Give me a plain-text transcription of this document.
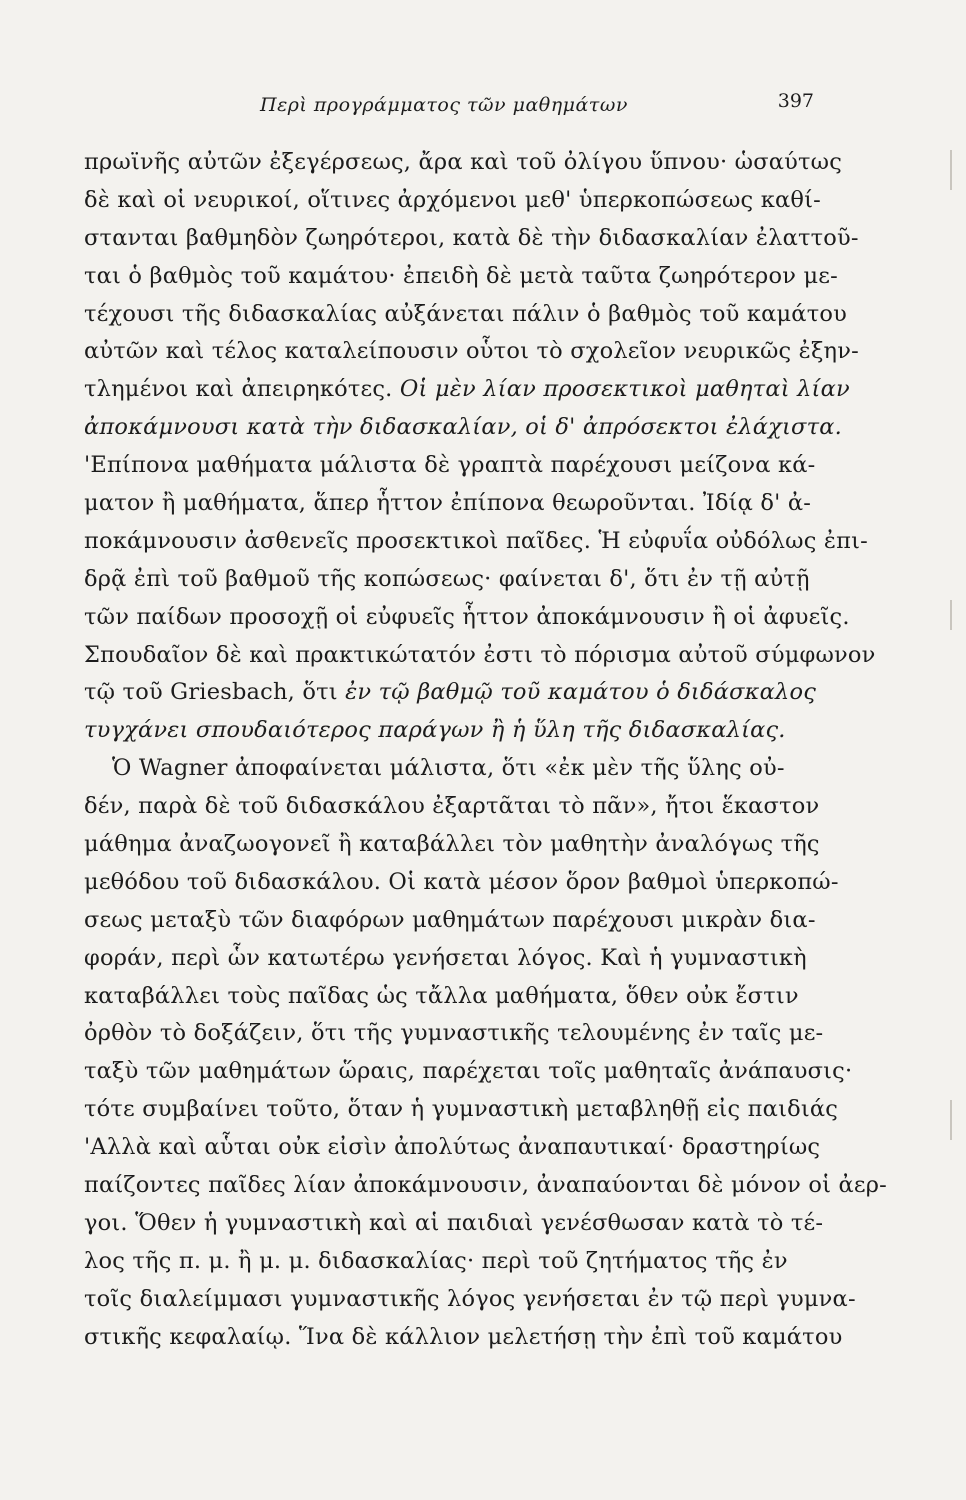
Περὶ προγράμματος τῶν μαθημάτων	397
πρωϊνῆς αὐτῶν ἐξεγέρσεως, ἄρα καὶ τοῦ ὀλίγου ὕπνου· ὡσαύτως
δὲ καὶ οἱ νευρικοί, οἵτινες ἀρχόμενοι μεθ' ὑπερκοπώσεως καθί-
στανται βαθμηδὸν ζωηρότεροι, κατὰ δὲ τὴν διδασκαλίαν ἐλαττοῦ-
ται ὁ βαθμὸς τοῦ καμάτου· ἐπειδὴ δὲ μετὰ ταῦτα ζωηρότερον με-
τέχουσι τῆς διδασκαλίας αὐξάνεται πάλιν ὁ βαθμὸς τοῦ καμάτου
αὐτῶν καὶ τέλος καταλείπουσιν οὗτοι τὸ σχολεῖον νευρικῶς ἐξην-
τλημένοι καὶ ἀπειρηκότες. Οἱ μὲν λίαν προσεκτικοὶ μαθηταὶ λίαν
ἀποκάμνουσι κατὰ τὴν διδασκαλίαν, οἱ δ' ἀπρόσεκτοι ἐλάχιστα.
'Επίπονα μαθήματα μάλιστα δὲ γραπτὰ παρέχουσι μείζονα κά-
ματον ἢ μαθήματα, ἅπερ ἧττον ἐπίπονα θεωροῦνται. Ἰδίᾳ δ' ἀ-
ποκάμνουσιν ἀσθενεῖς προσεκτικοὶ παῖδες. Ἡ εὐφυΐα οὐδόλως ἐπι-
δρᾷ ἐπὶ τοῦ βαθμοῦ τῆς κοπώσεως· φαίνεται δ', ὅτι ἐν τῇ αὐτῇ
τῶν παίδων προσοχῇ οἱ εὐφυεῖς ἧττον ἀποκάμνουσιν ἢ οἱ ἀφυεῖς.
Σπουδαῖον δὲ καὶ πρακτικώτατόν ἐστι τὸ πόρισμα αὐτοῦ σύμφωνον
τῷ τοῦ Griesbach, ὅτι ἐν τῷ βαθμῷ τοῦ καμάτου ὁ διδάσκαλος
τυγχάνει σπουδαιότερος παράγων ἢ ἡ ὕλη τῆς διδασκαλίας.
Ὁ Wagner ἀποφαίνεται μάλιστα, ὅτι «ἐκ μὲν τῆς ὕλης οὐ-
δέν, παρὰ δὲ τοῦ διδασκάλου ἐξαρτᾶται τὸ πᾶν», ἤτοι ἕκαστον
μάθημα ἀναζωογονεῖ ἢ καταβάλλει τὸν μαθητὴν ἀναλόγως τῆς
μεθόδου τοῦ διδασκάλου. Οἱ κατὰ μέσον ὅρον βαθμοὶ ὑπερκοπώ-
σεως μεταξὺ τῶν διαφόρων μαθημάτων παρέχουσι μικρὰν δια-
φοράν, περὶ ὧν κατωτέρω γενήσεται λόγος. Καὶ ἡ γυμναστικὴ
καταβάλλει τοὺς παῖδας ὡς τἄλλα μαθήματα, ὅθεν οὐκ ἔστιν
ὀρθὸν τὸ δοξάζειν, ὅτι τῆς γυμναστικῆς τελουμένης ἐν ταῖς με-
ταξὺ τῶν μαθημάτων ὥραις, παρέχεται τοῖς μαθηταῖς ἀνάπαυσις·
τότε συμβαίνει τοῦτο, ὅταν ἡ γυμναστικὴ μεταβληθῇ εἰς παιδιάς
'Αλλὰ καὶ αὗται οὐκ εἰσὶν ἀπολύτως ἀναπαυτικαί· δραστηρίως
παίζοντες παῖδες λίαν ἀποκάμνουσιν, ἀναπαύονται δὲ μόνον οἱ ἀερ-
γοι. Ὅθεν ἡ γυμναστικὴ καὶ αἱ παιδιαὶ γενέσθωσαν κατὰ τὸ τέ-
λος τῆς π. μ. ἢ μ. μ. διδασκαλίας· περὶ τοῦ ζητήματος τῆς ἐν
τοῖς διαλείμμασι γυμναστικῆς λόγος γενήσεται ἐν τῷ περὶ γυμνα-
στικῆς κεφαλαίῳ. Ἵνα δὲ κάλλιον μελετήσῃ τὴν ἐπὶ τοῦ καμάτου
